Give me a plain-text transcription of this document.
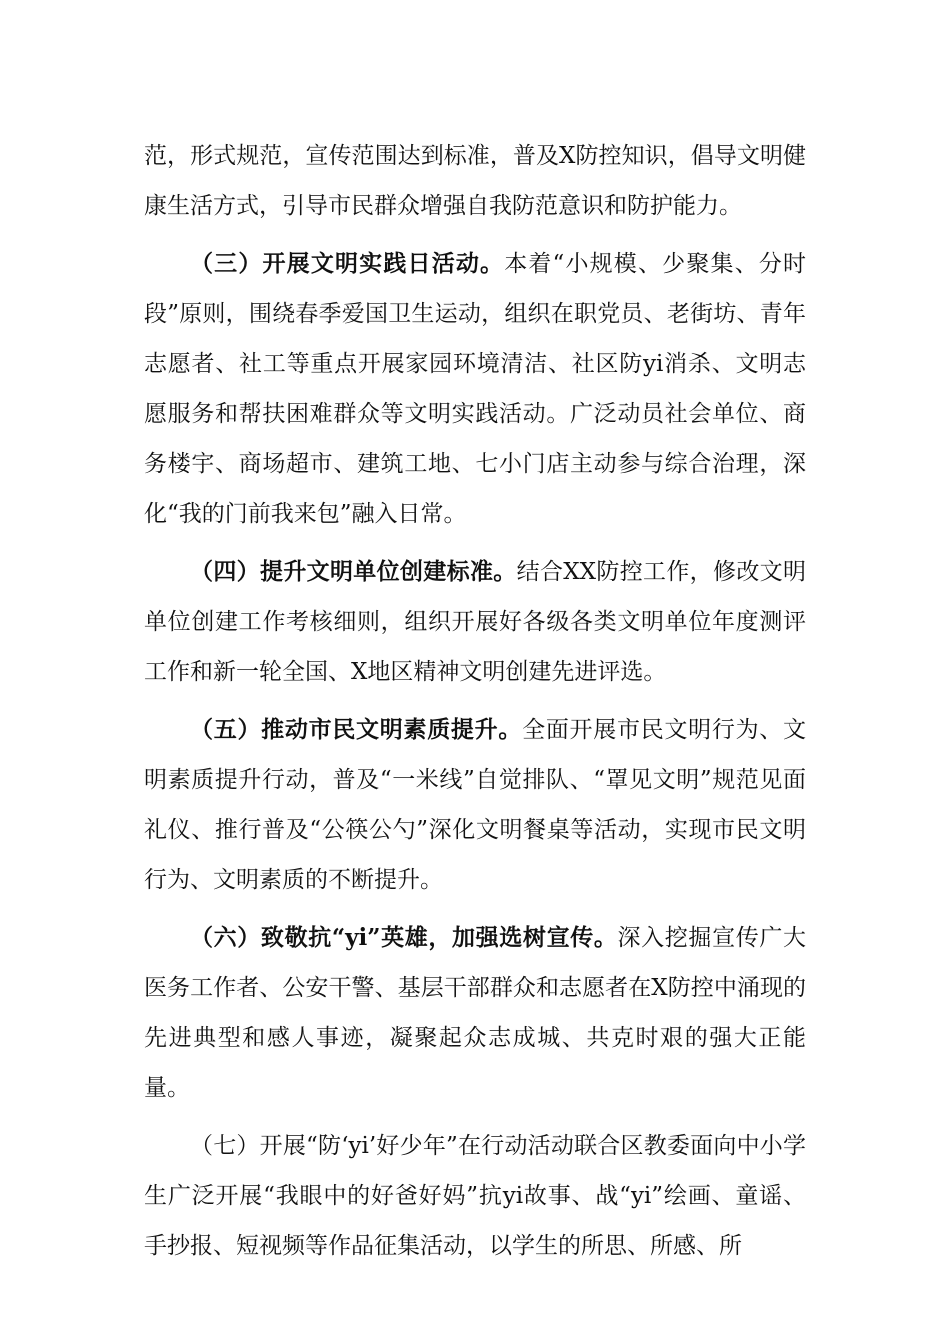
范，形式规范，宣传范围达到标准，普及X防控知识，倡导文明健康生活方式，引导市民群众增强自我防范意识和防护能力。

（三）开展文明实践日活动。本着“小规模、少聚集、分时段”原则，围绕春季爱国卫生运动，组织在职党员、老街坊、青年志愿者、社工等重点开展家园环境清洁、社区防yi消杀、文明志愿服务和帮扶困难群众等文明实践活动。广泛动员社会单位、商务楼宇、商场超市、建筑工地、七小门店主动参与综合治理，深化“我的门前我来包”融入日常。

（四）提升文明单位创建标准。结合XX防控工作，修改文明单位创建工作考核细则，组织开展好各级各类文明单位年度测评工作和新一轮全国、X地区精神文明创建先进评选。

（五）推动市民文明素质提升。全面开展市民文明行为、文明素质提升行动，普及“一米线”自觉排队、“罩见文明”规范见面礼仪、推行普及“公筷公勺”深化文明餐桌等活动，实现市民文明行为、文明素质的不断提升。

（六）致敬抗“yi”英雄，加强选树宣传。深入挖掘宣传广大医务工作者、公安干警、基层干部群众和志愿者在X防控中涌现的先进典型和感人事迹，凝聚起众志成城、共克时艰的强大正能量。

（七）开展“防‘yi’好少年”在行动活动联合区教委面向中小学生广泛开展“我眼中的好爸好妈”抗yi故事、战“yi”绘画、童谣、手抄报、短视频等作品征集活动，以学生的所思、所感、所
